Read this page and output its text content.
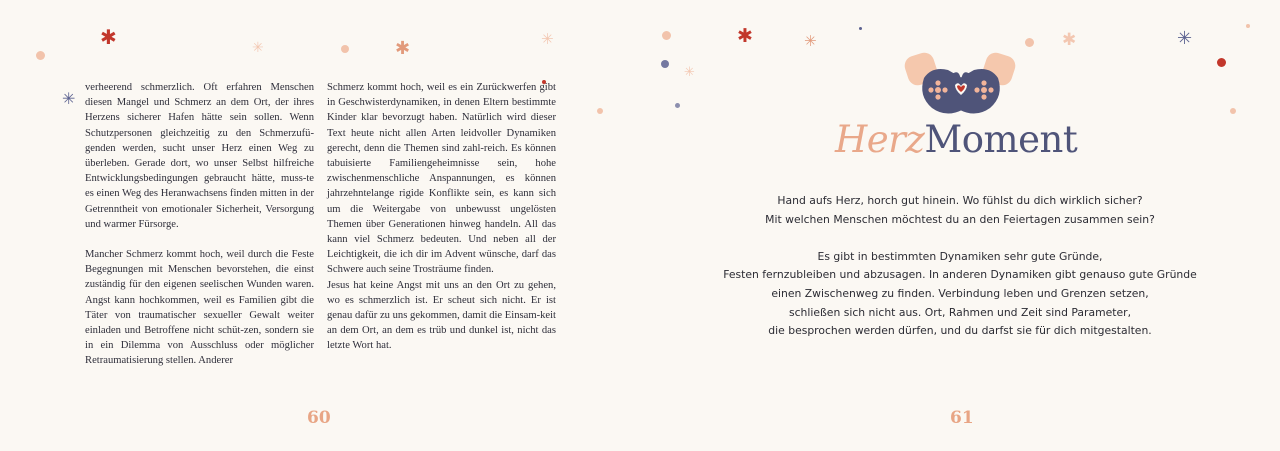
✱	✳	✱	✳
✳

verheerend schmerzlich. Oft erfahren Menschen diesen Mangel und Schmerz an dem Ort, der ihres Herzens sicherer Hafen hätte sein sollen. Wenn Schutzpersonen gleichzeitig zu den Schmerzufü-genden werden, sucht unser Herz einen Weg zu überleben. Gerade dort, wo unser Selbst hilfreiche Entwicklungsbedingungen gebraucht hätte, muss-te es einen Weg des Heranwachsens finden mitten in der Getrenntheit von emotionaler Sicherheit, Versorgung und warmer Fürsorge.

Mancher Schmerz kommt hoch, weil durch die Feste Begegnungen mit Menschen bevorstehen, die einst zuständig für den eigenen seelischen Wunden waren. Angst kann hochkommen, weil es Familien gibt die Täter von traumatischer sexueller Gewalt weiter einladen und Betroffene nicht schüt-zen, sondern sie in ein Dilemma von Ausschluss oder möglicher Retraumatisierung stellen. Anderer

Schmerz kommt hoch, weil es ein Zurückwerfen gibt in Geschwisterdynamiken, in denen Eltern bestimmte Kinder klar bevorzugt haben. Natürlich wird dieser Text heute nicht allen Arten leidvoller Dynamiken gerecht, denn die Themen sind zahl-reich. Es können tabuisierte Familiengeheimnisse sein, hohe zwischenmenschliche Anspannungen, es können jahrzehntelange rigide Konflikte sein, es kann sich um die Weitergabe von unbewusst ungelösten Themen über Generationen hinweg handeln. All das kann viel Schmerz bedeuten. Und neben all der Leichtigkeit, die ich dir im Advent wünsche, darf das Schwere auch seine Trosträume finden.

Jesus hat keine Angst mit uns an den Ort zu gehen, wo es schmerzlich ist. Er scheut sich nicht. Er ist genau dafür zu uns gekommen, damit die Einsam-keit an dem Ort, an dem es trüb und dunkel ist, nicht das letzte Wort hat.

60
✱	✳
✳
✱	✳
HerzMoment

Hand aufs Herz, horch gut hinein. Wo fühlst du dich wirklich sicher?
Mit welchen Menschen möchtest du an den Feiertagen zusammen sein?

Es gibt in bestimmten Dynamiken sehr gute Gründe,
Festen fernzubleiben und abzusagen. In anderen Dynamiken gibt genauso gute Gründe
einen Zwischenweg zu finden. Verbindung leben und Grenzen setzen,
schließen sich nicht aus. Ort, Rahmen und Zeit sind Parameter,
die besprochen werden dürfen, und du darfst sie für dich mitgestalten.

61
